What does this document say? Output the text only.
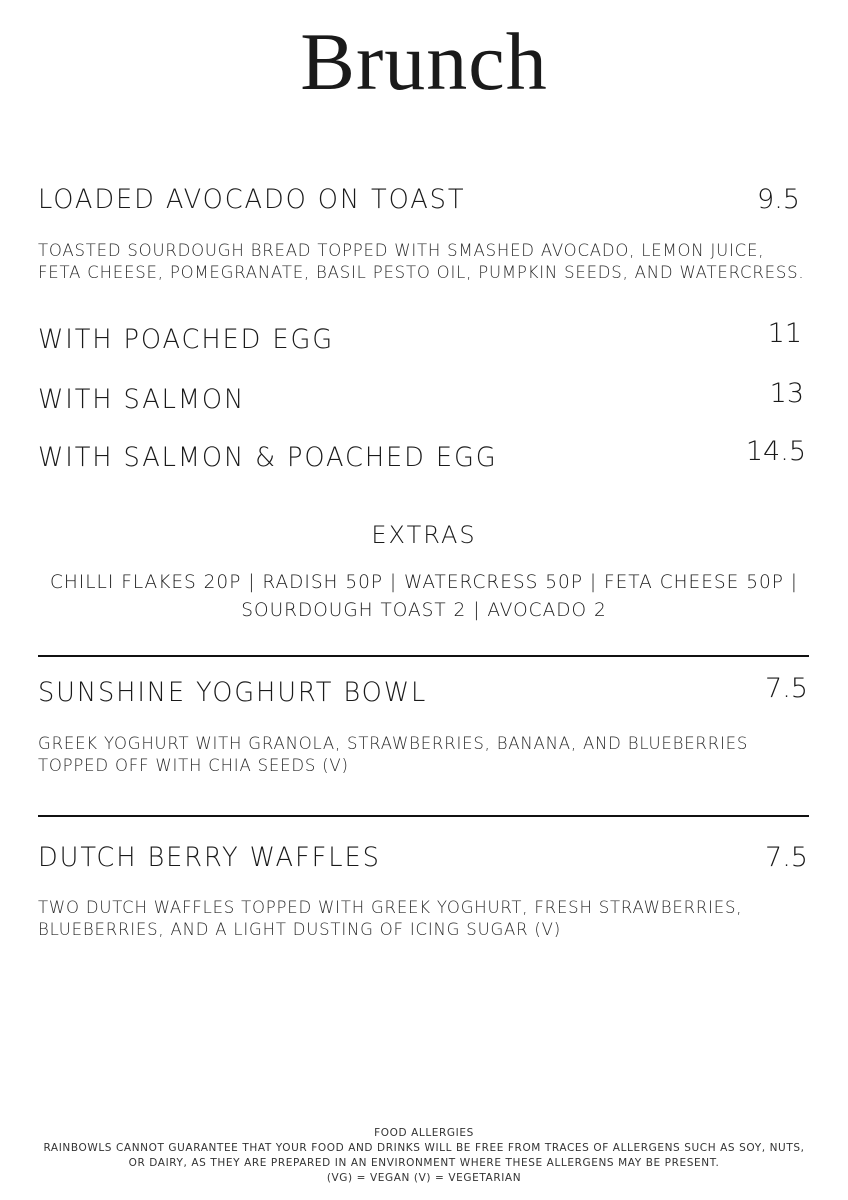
Brunch
LOADED AVOCADO ON TOAST	9.5
TOASTED SOURDOUGH BREAD TOPPED WITH SMASHED AVOCADO, LEMON JUICE, FETA CHEESE, POMEGRANATE, BASIL PESTO OIL, PUMPKIN SEEDS, AND WATERCRESS.
WITH POACHED EGG	11
WITH SALMON	13
WITH SALMON & POACHED EGG	14.5
EXTRAS
CHILLI FLAKES 20P | RADISH 50P | WATERCRESS 50P | FETA CHEESE 50P |
SOURDOUGH TOAST 2 | AVOCADO 2
SUNSHINE YOGHURT BOWL	7.5
GREEK YOGHURT WITH GRANOLA, STRAWBERRIES, BANANA, AND BLUEBERRIES TOPPED OFF WITH CHIA SEEDS (V)
DUTCH BERRY WAFFLES	7.5
TWO DUTCH WAFFLES TOPPED WITH GREEK YOGHURT, FRESH STRAWBERRIES, BLUEBERRIES, AND A LIGHT DUSTING OF ICING SUGAR (V)
FOOD ALLERGIES
RAINBOWLS CANNOT GUARANTEE THAT YOUR FOOD AND DRINKS WILL BE FREE FROM TRACES OF ALLERGENS SUCH AS SOY, NUTS,
OR DAIRY, AS THEY ARE PREPARED IN AN ENVIRONMENT WHERE THESE ALLERGENS MAY BE PRESENT.
(VG) = VEGAN (V) = VEGETARIAN
